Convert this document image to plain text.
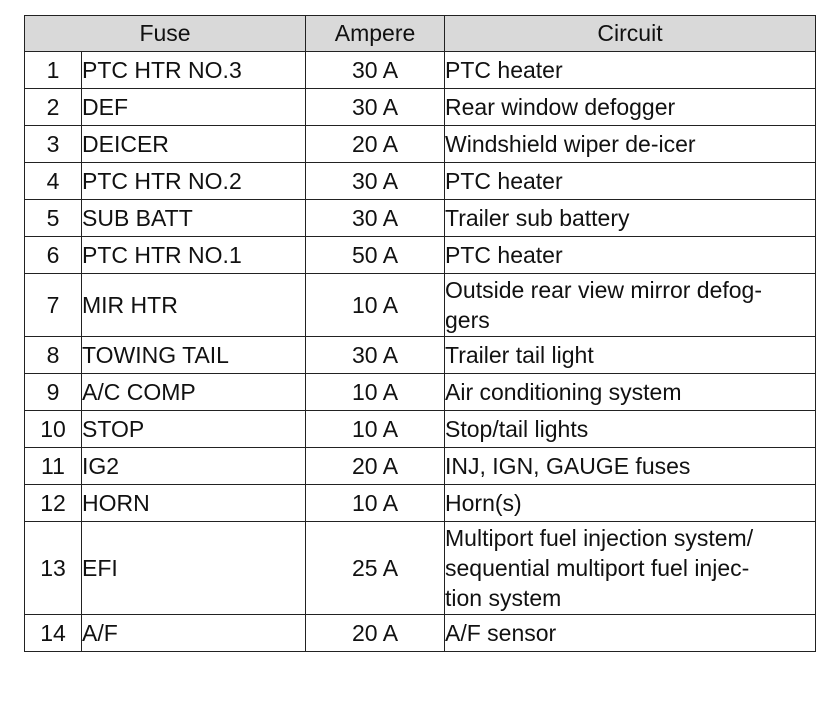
Fuse		Ampere	Circuit
1	PTC HTR NO.3	30 A	PTC heater

2	DEF	30 A	Rear window defogger

3	DEICER	20 A	Windshield wiper de-icer

4	PTC HTR NO.2	30 A	PTC heater

5	SUB BATT	30 A	Trailer sub battery

6	PTC HTR NO.1	50 A	PTC heater

7	MIR HTR	10 A	Outside rear view mirror defog-
gers

8	TOWING TAIL	30 A	Trailer tail light

9	A/C COMP	10 A	Air conditioning system

10	STOP	10 A	Stop/tail lights

11	IG2	20 A	INJ, IGN, GAUGE fuses

12	HORN	10 A	Horn(s)

13	EFI	25 A	Multiport fuel injection system/
sequential multiport fuel injec-
tion system

14	A/F	20 A	A/F sensor
